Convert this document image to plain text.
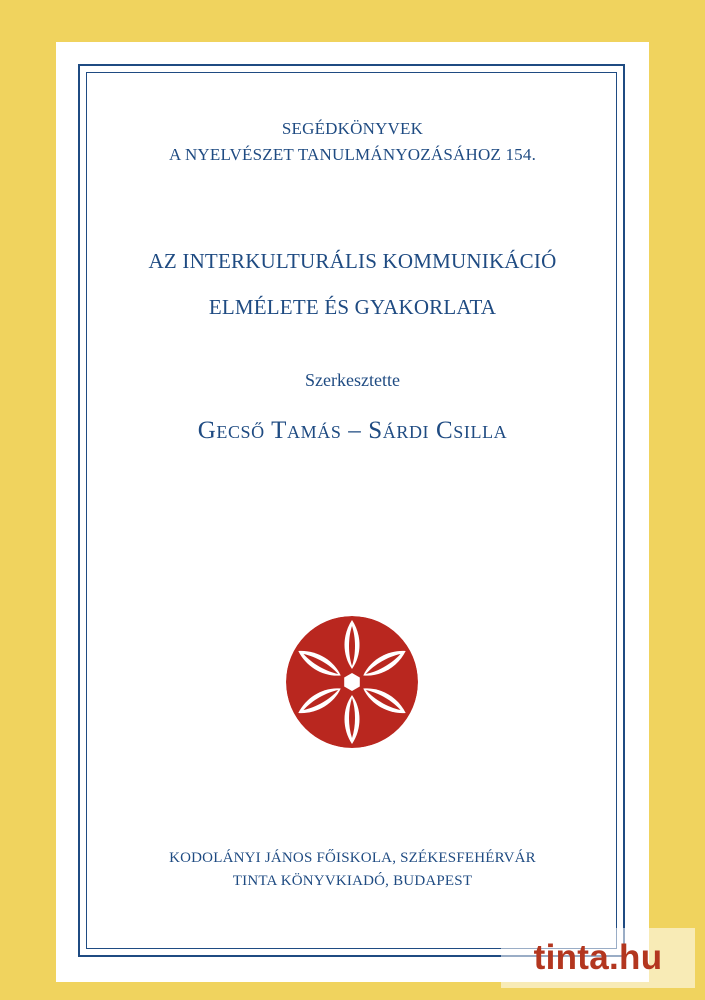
SEGÉDKÖNYVEK
A NYELVÉSZET TANULMÁNYOZÁSÁHOZ 154.
AZ INTERKULTURÁLIS KOMMUNIKÁCIÓ
ELMÉLETE ÉS GYAKORLATA
Szerkesztette
Gecső Tamás – Sárdi Csilla
KODOLÁNYI JÁNOS FŐISKOLA, SZÉKESFEHÉRVÁR
TINTA KÖNYVKIADÓ, BUDAPEST
tinta.hu
